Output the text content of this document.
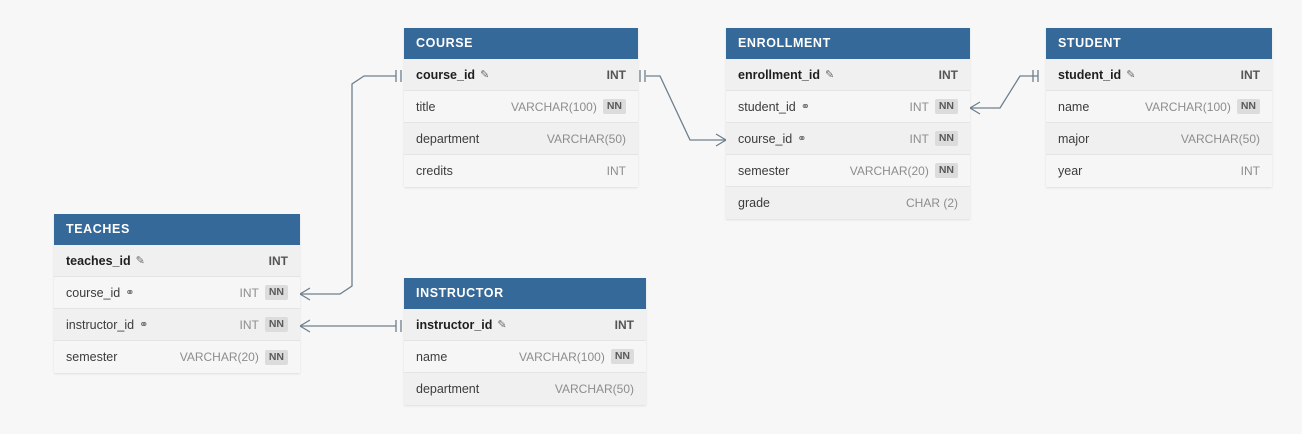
COURSE
course_id ✎	INT
title	VARCHAR(100) NN
department	VARCHAR(50)
credits	INT
ENROLLMENT
enrollment_id ✎	INT
student_id ⚭	INT NN
course_id ⚭	INT NN
semester	VARCHAR(20) NN
grade	CHAR (2)
STUDENT
student_id ✎	INT
name	VARCHAR(100) NN
major	VARCHAR(50)
year	INT
TEACHES
teaches_id ✎	INT
course_id ⚭	INT NN
instructor_id ⚭	INT NN
semester	VARCHAR(20) NN
INSTRUCTOR
instructor_id ✎	INT
name	VARCHAR(100) NN
department	VARCHAR(50)
